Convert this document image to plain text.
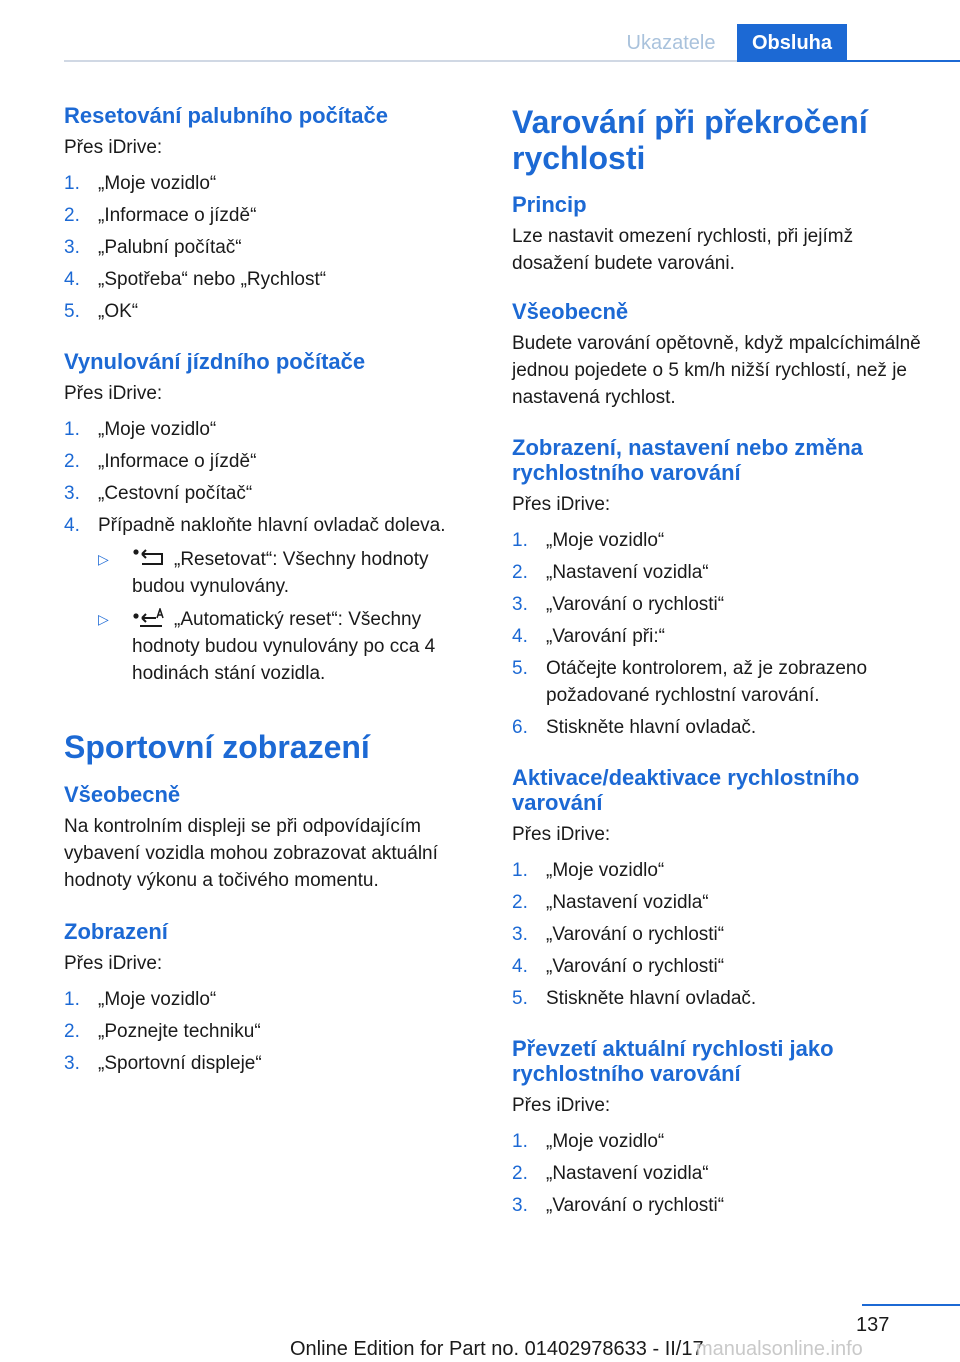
Ukazatele	Obsluha
Resetování palubního počítače

Přes iDrive:

1. „Moje vozidlo“
2. „Informace o jízdě“
3. „Palubní počítač“
4. „Spotřeba“ nebo „Rychlost“
5. „OK“
Vynulování jízdního počítače

Přes iDrive:

1. „Moje vozidlo“
2. „Informace o jízdě“
3. „Cestovní počítač“
4. Případně nakloňte hlavní ovladač doleva.
▷	„Resetovat“: Všechny hodnoty budou vynulovány.
▷	„Automatický reset“: Všechny hodnoty budou vynulovány po cca 4 hodinách stání vozidla.
Sportovní zobrazení
Všeobecně

Na kontrolním displeji se při odpovídajícím vybavení vozidla mohou zobrazovat aktuální hodnoty výkonu a točivého momentu.

Zobrazení

Přes iDrive:

1. „Moje vozidlo“
2. „Poznejte techniku“
3. „Sportovní displeje“
Varování při překročení rychlosti
Princip

Lze nastavit omezení rychlosti, při jejímž dosažení budete varováni.

Všeobecně

Budete varování opětovně, když mpalcíchimálně jednou pojedete o 5 km/h nižší rychlostí, než je nastavená rychlost.

Zobrazení, nastavení nebo změna rychlostního varování

Přes iDrive:

1. „Moje vozidlo“
2. „Nastavení vozidla“
3. „Varování o rychlosti“
4. „Varování při:“
5. Otáčejte kontrolorem, až je zobrazeno požadované rychlostní varování.
6. Stiskněte hlavní ovladač.
Aktivace/deaktivace rychlostního varování

Přes iDrive:

1. „Moje vozidlo“
2. „Nastavení vozidla“
3. „Varování o rychlosti“
4. „Varování o rychlosti“
5. Stiskněte hlavní ovladač.
Převzetí aktuální rychlosti jako rychlostního varování

Přes iDrive:

1. „Moje vozidlo“
2. „Nastavení vozidla“
3. „Varování o rychlosti“
137
Online Edition for Part no. 01402978633 - II/17
manualsonline.info
